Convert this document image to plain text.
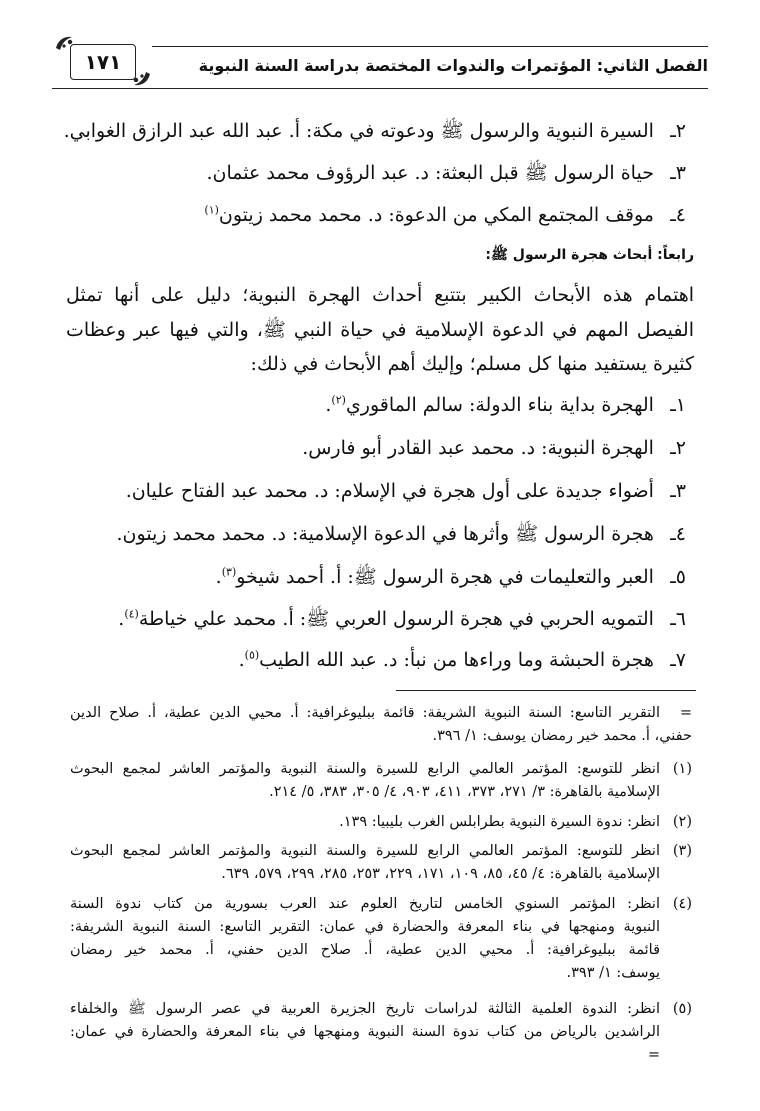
الفصل الثاني: المؤتمرات والندوات المختصة بدراسة السنة النبوية
١٧١
٢ـ السيرة النبوية والرسول ﷺ ودعوته في مكة: أ. عبد الله عبد الرازق الغوابي.
٣ـ حياة الرسول ﷺ قبل البعثة: د. عبد الرؤوف محمد عثمان.
٤ـ موقف المجتمع المكي من الدعوة: د. محمد محمد زيتون$^{(١)}$
رابعاً: أبحاث هجرة الرسول ﷺ:
اهتمام هذه الأبحاث الكبير بتتبع أحداث الهجرة النبوية؛ دليل على أنها تمثل
الفيصل المهم في الدعوة الإسلامية في حياة النبي ﷺ، والتي فيها عبر وعظات
كثيرة يستفيد منها كل مسلم؛ وإليك أهم الأبحاث في ذلك:
١ـ الهجرة بداية بناء الدولة: سالم الماقوري$^{(٢)}$.
٢ـ الهجرة النبوية: د. محمد عبد القادر أبو فارس.
٣ـ أضواء جديدة على أول هجرة في الإسلام: د. محمد عبد الفتاح عليان.
٤ـ هجرة الرسول ﷺ وأثرها في الدعوة الإسلامية: د. محمد محمد زيتون.
٥ـ العبر والتعليمات في هجرة الرسول ﷺ: أ. أحمد شيخو$^{(٣)}$.
٦ـ التمويه الحربي في هجرة الرسول العربي ﷺ: أ. محمد علي خياطة$^{(٤)}$.
٧ـ هجرة الحبشة وما وراءها من نبأ: د. عبد الله الطيب$^{(٥)}$.
=
التقرير التاسع: السنة النبوية الشريفة: قائمة ببليوغرافية: أ. محيي الدين عطية، أ. صلاح الدين
حفني، أ. محمد خير رمضان يوسف: ١/ ٣٩٦.
(١)
انظر للتوسع: المؤتمر العالمي الرابع للسيرة والسنة النبوية والمؤتمر العاشر لمجمع البحوث
الإسلامية بالقاهرة: ٣/ ٢٧١، ٣٧٣، ٤١١، ٩٠٣، ٤/ ٣٠٥، ٣٨٣، ٥/ ٢١٤.
(٢)
انظر: ندوة السيرة النبوية بطرابلس الغرب بليبيا: ١٣٩.
(٣)
انظر للتوسع: المؤتمر العالمي الرابع للسيرة والسنة النبوية والمؤتمر العاشر لمجمع البحوث
الإسلامية بالقاهرة: ٤/ ٤٥، ٨٥، ١٠٩، ١٧١، ٢٢٩، ٢٥٣، ٢٨٥، ٢٩٩، ٥٧٩، ٦٣٩.
(٤)
انظر: المؤتمر السنوي الخامس لتاريخ العلوم عند العرب بسورية من كتاب ندوة السنة
النبوية ومنهجها في بناء المعرفة والحضارة في عمان: التقرير التاسع: السنة النبوية الشريفة:
قائمة ببليوغرافية: أ. محيي الدين عطية، أ. صلاح الدين حفني، أ. محمد خير رمضان
يوسف: ١/ ٣٩٣.
(٥)
انظر: الندوة العلمية الثالثة لدراسات تاريخ الجزيرة العربية في عصر الرسول ﷺ والخلفاء
الراشدين بالرياض من كتاب ندوة السنة النبوية ومنهجها في بناء المعرفة والحضارة في عمان:
=
